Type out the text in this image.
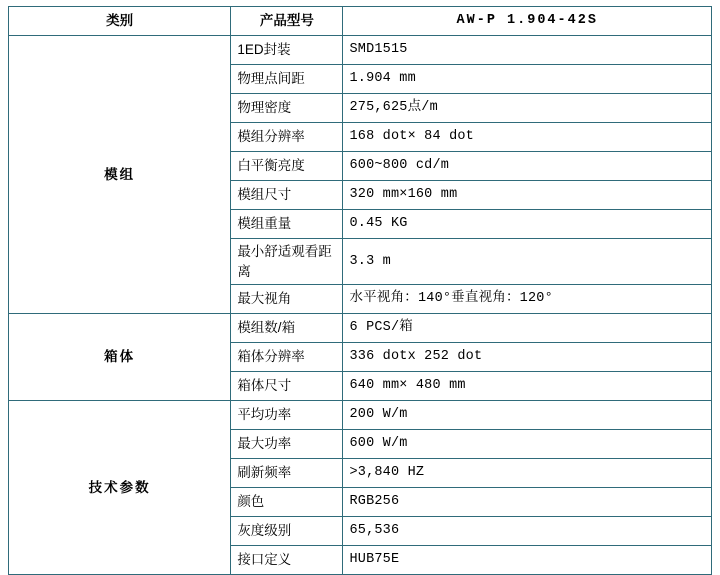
类别	产品型号	AW-P 1.904-42S
模组	1ED封装	SMD1515
	物理点间距	1.904 mm
	物理密度	275,625点/m
	模组分辨率	168 dot× 84 dot
	白平衡亮度	600~800 cd/m
	模组尺寸	320 mm×160 mm
	模组重量	0.45 KG
	最小舒适观看距离	3.3 m
	最大视角	水平视角：140°垂直视角：120°
箱体	模组数/箱	6 PCS/箱
	箱体分辨率	336 dotx 252 dot
	箱体尺寸	640 mm× 480 mm
技术参数	平均功率	200 W/m
	最大功率	600 W/m
	刷新频率	>3,840 HZ
	颜色	RGB256
	灰度级别	65,536
	接口定义	HUB75E
